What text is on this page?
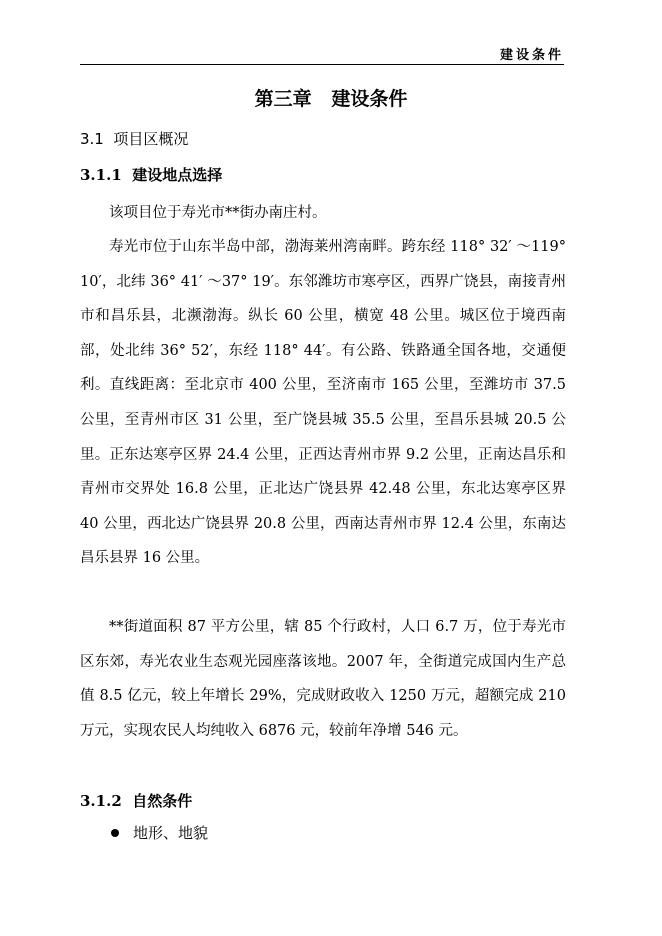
建设条件
第三章   建设条件
3.1  项目区概况
3.1.1  建设地点选择

该项目位于寿光市**街办南庄村。

寿光市位于山东半岛中部，渤海莱州湾南畔。跨东经 118° 32′ ～119° 10′，北纬 36° 41′ ～37° 19′。东邻潍坊市寒亭区，西界广饶县，南接青州市和昌乐县，北濒渤海。纵长 60 公里，横宽 48 公里。城区位于境西南部，处北纬 36° 52′，东经 118° 44′。有公路、铁路通全国各地，交通便利。直线距离：至北京市 400 公里，至济南市 165 公里，至潍坊市 37.5 公里，至青州市区 31 公里，至广饶县城 35.5 公里，至昌乐县城 20.5 公里。正东达寒亭区界 24.4 公里，正西达青州市界 9.2 公里，正南达昌乐和青州市交界处 16.8 公里，正北达广饶县界 42.48 公里，东北达寒亭区界 40 公里，西北达广饶县界 20.8 公里，西南达青州市界 12.4 公里，东南达昌乐县界 16 公里。

**街道面积 87 平方公里，辖 85 个行政村，人口 6.7 万，位于寿光市区东郊，寿光农业生态观光园座落该地。2007 年，全街道完成国内生产总值 8.5 亿元，较上年增长 29%，完成财政收入 1250 万元，超额完成 210 万元，实现农民人均纯收入 6876 元，较前年净增 546 元。

3.1.2  自然条件
地形、地貌
